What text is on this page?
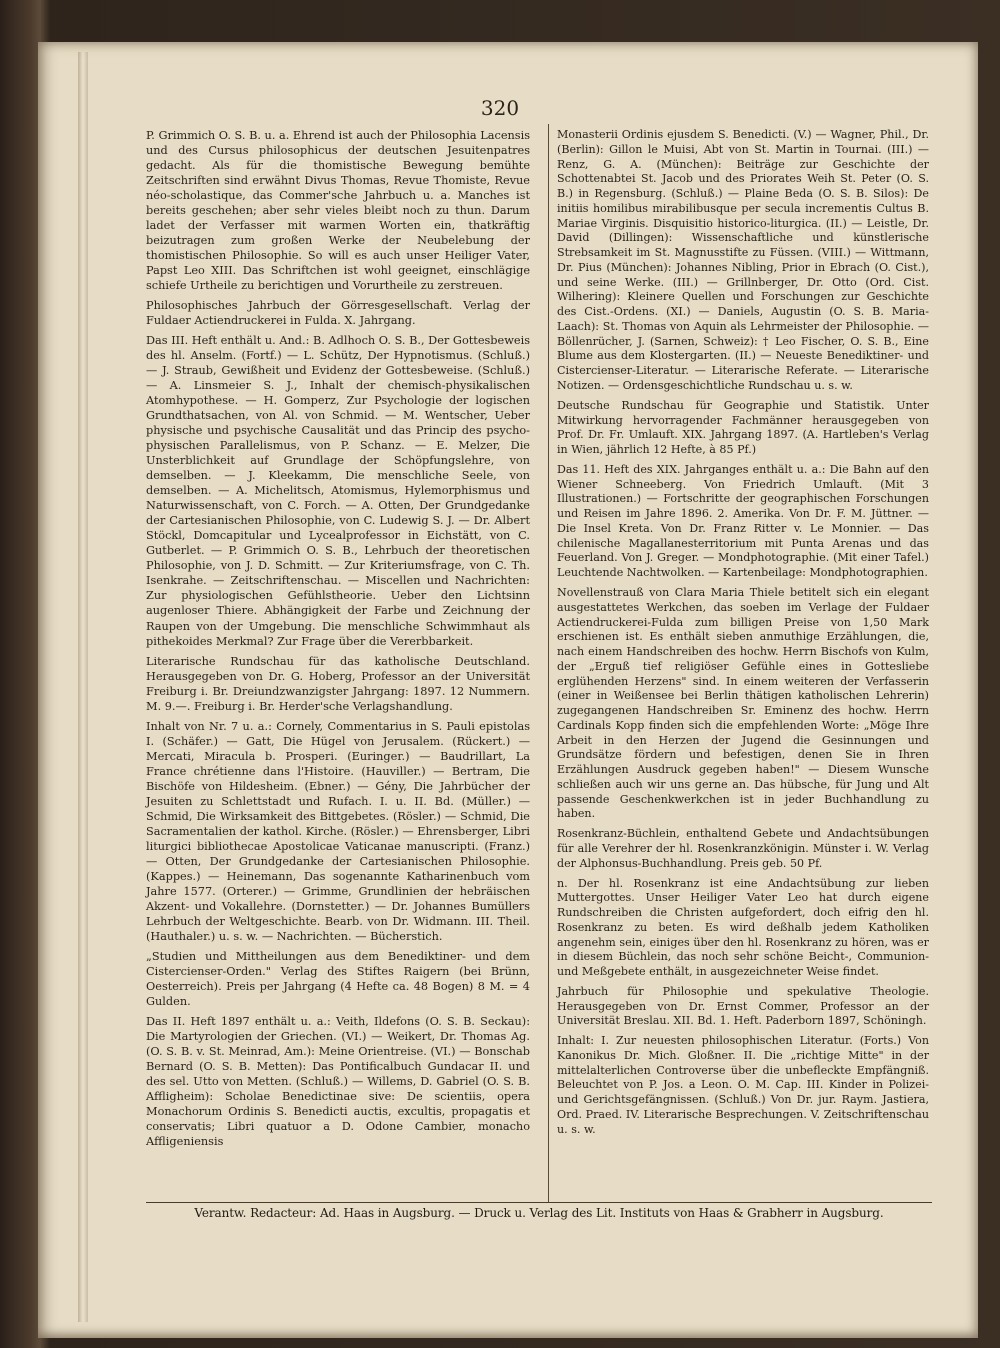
320

P. Grimmich O. S. B. u. a. Ehrend ist auch der Philosophia Lacensis und des Cursus philosophicus der deutschen Jesuitenpatres gedacht. Als für die thomistische Bewegung bemühte Zeitschriften sind erwähnt Divus Thomas, Revue Thomiste, Revue néo-scholastique, das Commer'sche Jahrbuch u. a. Manches ist bereits geschehen; aber sehr vieles bleibt noch zu thun. Darum ladet der Verfasser mit warmen Worten ein, thatkräftig beizutragen zum großen Werke der Neubelebung der thomistischen Philosophie. So will es auch unser Heiliger Vater, Papst Leo XIII. Das Schriftchen ist wohl geeignet, einschlägige schiefe Urtheile zu berichtigen und Vorurtheile zu zerstreuen.

Philosophisches Jahrbuch der Görresgesellschaft. Verlag der Fuldaer Actiendruckerei in Fulda. X. Jahrgang.

Das III. Heft enthält u. And.: B. Adlhoch O. S. B., Der Gottesbeweis des hl. Anselm. (Fortf.) — L. Schütz, Der Hypnotismus. (Schluß.) — J. Straub, Gewißheit und Evidenz der Gottesbeweise. (Schluß.) — A. Linsmeier S. J., Inhalt der chemisch-physikalischen Atomhypothese. — H. Gomperz, Zur Psychologie der logischen Grundthatsachen, von Al. von Schmid. — M. Wentscher, Ueber physische und psychische Causalität und das Princip des psycho-physischen Parallelismus, von P. Schanz. — E. Melzer, Die Unsterblichkeit auf Grundlage der Schöpfungslehre, von demselben. — J. Kleekamm, Die menschliche Seele, von demselben. — A. Michelitsch, Atomismus, Hylemorphismus und Naturwissenschaft, von C. Forch. — A. Otten, Der Grundgedanke der Cartesianischen Philosophie, von C. Ludewig S. J. — Dr. Albert Stöckl, Domcapitular und Lycealprofessor in Eichstätt, von C. Gutberlet. — P. Grimmich O. S. B., Lehrbuch der theoretischen Philosophie, von J. D. Schmitt. — Zur Kriteriumsfrage, von C. Th. Isenkrahe. — Zeitschriftenschau. — Miscellen und Nachrichten: Zur physiologischen Gefühlstheorie. Ueber den Lichtsinn augenloser Thiere. Abhängigkeit der Farbe und Zeichnung der Raupen von der Umgebung. Die menschliche Schwimmhaut als pithekoides Merkmal? Zur Frage über die Vererbbarkeit.

Literarische Rundschau für das katholische Deutschland. Herausgegeben von Dr. G. Hoberg, Professor an der Universität Freiburg i. Br. Dreiundzwanzigster Jahrgang: 1897. 12 Nummern. M. 9.—. Freiburg i. Br. Herder'sche Verlagshandlung.

Inhalt von Nr. 7 u. a.: Cornely, Commentarius in S. Pauli epistolas I. (Schäfer.) — Gatt, Die Hügel von Jerusalem. (Rückert.) — Mercati, Miracula b. Prosperi. (Euringer.) — Baudrillart, La France chrétienne dans l'Histoire. (Hauviller.) — Bertram, Die Bischöfe von Hildesheim. (Ebner.) — Gény, Die Jahrbücher der Jesuiten zu Schlettstadt und Rufach. I. u. II. Bd. (Müller.) — Schmid, Die Wirksamkeit des Bittgebetes. (Rösler.) — Schmid, Die Sacramentalien der kathol. Kirche. (Rösler.) — Ehrensberger, Libri liturgici bibliothecae Apostolicae Vaticanae manuscripti. (Franz.) — Otten, Der Grundgedanke der Cartesianischen Philosophie. (Kappes.) — Heinemann, Das sogenannte Katharinenbuch vom Jahre 1577. (Orterer.) — Grimme, Grundlinien der hebräischen Akzent- und Vokallehre. (Dornstetter.) — Dr. Johannes Bumüllers Lehrbuch der Weltgeschichte. Bearb. von Dr. Widmann. III. Theil. (Hauthaler.) u. s. w. — Nachrichten. — Bücherstich.

„Studien und Mittheilungen aus dem Benediktiner- und dem Cistercienser-Orden." Verlag des Stiftes Raigern (bei Brünn, Oesterreich). Preis per Jahrgang (4 Hefte ca. 48 Bogen) 8 M. = 4 Gulden.

Das II. Heft 1897 enthält u. a.: Veith, Ildefons (O. S. B. Seckau): Die Martyrologien der Griechen. (VI.) — Weikert, Dr. Thomas Ag. (O. S. B. v. St. Meinrad, Am.): Meine Orientreise. (VI.) — Bonschab Bernard (O. S. B. Metten): Das Pontificalbuch Gundacar II. und des sel. Utto von Metten. (Schluß.) — Willems, D. Gabriel (O. S. B. Affligheim): Scholae Benedictinae sive: De scientiis, opera Monachorum Ordinis S. Benedicti auctis, excultis, propagatis et conservatis; Libri quatuor a D. Odone Cambier, monacho Affligeniensis

Monasterii Ordinis ejusdem S. Benedicti. (V.) — Wagner, Phil., Dr. (Berlin): Gillon le Muisi, Abt von St. Martin in Tournai. (III.) — Renz, G. A. (München): Beiträge zur Geschichte der Schottenabtei St. Jacob und des Priorates Weih St. Peter (O. S. B.) in Regensburg. (Schluß.) — Plaine Beda (O. S. B. Silos): De initiis homilibus mirabilibusque per secula incrementis Cultus B. Mariae Virginis. Disquisitio historico-liturgica. (II.) — Leistle, Dr. David (Dillingen): Wissenschaftliche und künstlerische Strebsamkeit im St. Magnusstifte zu Füssen. (VIII.) — Wittmann, Dr. Pius (München): Johannes Nibling, Prior in Ebrach (O. Cist.), und seine Werke. (III.) — Grillnberger, Dr. Otto (Ord. Cist. Wilhering): Kleinere Quellen und Forschungen zur Geschichte des Cist.-Ordens. (XI.) — Daniels, Augustin (O. S. B. Maria-Laach): St. Thomas von Aquin als Lehrmeister der Philosophie. — Böllenrücher, J. (Sarnen, Schweiz): † Leo Fischer, O. S. B., Eine Blume aus dem Klostergarten. (II.) — Neueste Benediktiner- und Cistercienser-Literatur. — Literarische Referate. — Literarische Notizen. — Ordensgeschichtliche Rundschau u. s. w.

Deutsche Rundschau für Geographie und Statistik. Unter Mitwirkung hervorragender Fachmänner herausgegeben von Prof. Dr. Fr. Umlauft. XIX. Jahrgang 1897. (A. Hartleben's Verlag in Wien, jährlich 12 Hefte, à 85 Pf.)

Das 11. Heft des XIX. Jahrganges enthält u. a.: Die Bahn auf den Wiener Schneeberg. Von Friedrich Umlauft. (Mit 3 Illustrationen.) — Fortschritte der geographischen Forschungen und Reisen im Jahre 1896. 2. Amerika. Von Dr. F. M. Jüttner. — Die Insel Kreta. Von Dr. Franz Ritter v. Le Monnier. — Das chilenische Magallanesterritorium mit Punta Arenas und das Feuerland. Von J. Greger. — Mondphotographie. (Mit einer Tafel.) Leuchtende Nachtwolken. — Kartenbeilage: Mondphotographien.

Novellenstrauß von Clara Maria Thiele betitelt sich ein elegant ausgestattetes Werkchen, das soeben im Verlage der Fuldaer Actiendruckerei-Fulda zum billigen Preise von 1,50 Mark erschienen ist. Es enthält sieben anmuthige Erzählungen, die, nach einem Handschreiben des hochw. Herrn Bischofs von Kulm, der „Erguß tief religiöser Gefühle eines in Gottesliebe erglühenden Herzens" sind. In einem weiteren der Verfasserin (einer in Weißensee bei Berlin thätigen katholischen Lehrerin) zugegangenen Handschreiben Sr. Eminenz des hochw. Herrn Cardinals Kopp finden sich die empfehlenden Worte: „Möge Ihre Arbeit in den Herzen der Jugend die Gesinnungen und Grundsätze fördern und befestigen, denen Sie in Ihren Erzählungen Ausdruck gegeben haben!" — Diesem Wunsche schließen auch wir uns gerne an. Das hübsche, für Jung und Alt passende Geschenkwerkchen ist in jeder Buchhandlung zu haben.

Rosenkranz-Büchlein, enthaltend Gebete und Andachtsübungen für alle Verehrer der hl. Rosenkranzkönigin. Münster i. W. Verlag der Alphonsus-Buchhandlung. Preis geb. 50 Pf.

n. Der hl. Rosenkranz ist eine Andachtsübung zur lieben Muttergottes. Unser Heiliger Vater Leo hat durch eigene Rundschreiben die Christen aufgefordert, doch eifrig den hl. Rosenkranz zu beten. Es wird deßhalb jedem Katholiken angenehm sein, einiges über den hl. Rosenkranz zu hören, was er in diesem Büchlein, das noch sehr schöne Beicht-, Communion- und Meßgebete enthält, in ausgezeichneter Weise findet.

Jahrbuch für Philosophie und spekulative Theologie. Herausgegeben von Dr. Ernst Commer, Professor an der Universität Breslau. XII. Bd. 1. Heft. Paderborn 1897, Schöningh.

Inhalt: I. Zur neuesten philosophischen Literatur. (Forts.) Von Kanonikus Dr. Mich. Gloßner. II. Die „richtige Mitte" in der mittelalterlichen Controverse über die unbefleckte Empfängniß. Beleuchtet von P. Jos. a Leon. O. M. Cap. III. Kinder in Polizei- und Gerichtsgefängnissen. (Schluß.) Von Dr. jur. Raym. Jastiera, Ord. Praed. IV. Literarische Besprechungen. V. Zeitschriftenschau u. s. w.

Verantw. Redacteur: Ad. Haas in Augsburg. — Druck u. Verlag des Lit. Instituts von Haas & Grabherr in Augsburg.
